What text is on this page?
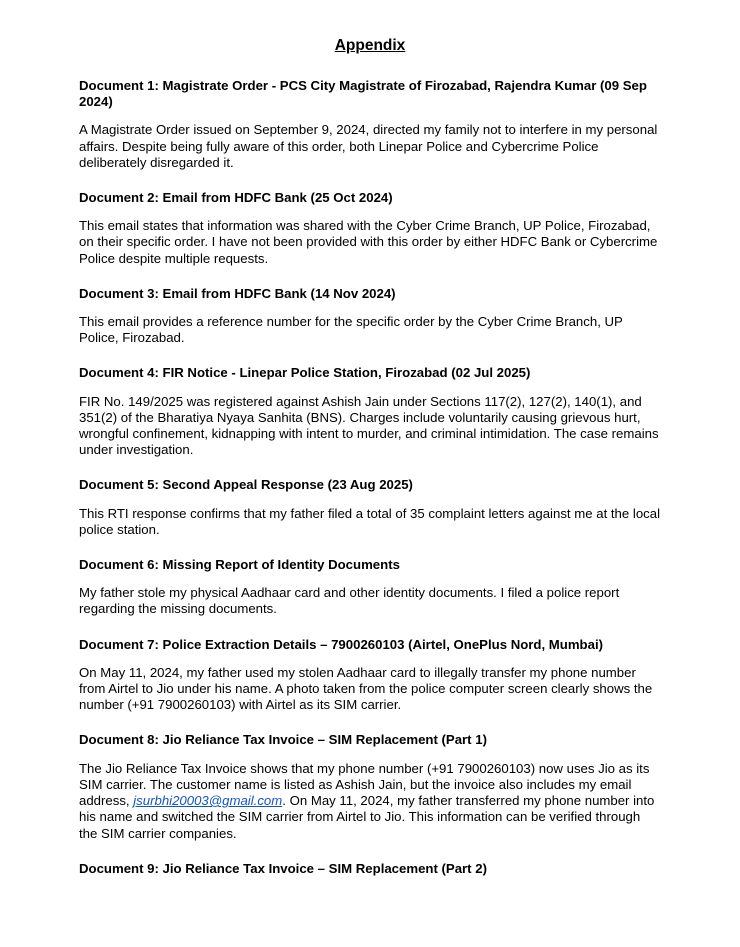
Appendix

Document 1: Magistrate Order - PCS City Magistrate of Firozabad, Rajendra Kumar (09 Sep 2024)

A Magistrate Order issued on September 9, 2024, directed my family not to interfere in my personal affairs. Despite being fully aware of this order, both Linepar Police and Cybercrime Police deliberately disregarded it.

Document 2: Email from HDFC Bank (25 Oct 2024)

This email states that information was shared with the Cyber Crime Branch, UP Police, Firozabad, on their specific order. I have not been provided with this order by either HDFC Bank or Cybercrime Police despite multiple requests.

Document 3: Email from HDFC Bank (14 Nov 2024)

This email provides a reference number for the specific order by the Cyber Crime Branch, UP Police, Firozabad.

Document 4: FIR Notice - Linepar Police Station, Firozabad (02 Jul 2025)

FIR No. 149/2025 was registered against Ashish Jain under Sections 117(2), 127(2), 140(1), and 351(2) of the Bharatiya Nyaya Sanhita (BNS). Charges include voluntarily causing grievous hurt, wrongful confinement, kidnapping with intent to murder, and criminal intimidation. The case remains under investigation.

Document 5: Second Appeal Response (23 Aug 2025)

This RTI response confirms that my father filed a total of 35 complaint letters against me at the local police station.

Document 6: Missing Report of Identity Documents

My father stole my physical Aadhaar card and other identity documents. I filed a police report regarding the missing documents.

Document 7: Police Extraction Details – 7900260103 (Airtel, OnePlus Nord, Mumbai)

On May 11, 2024, my father used my stolen Aadhaar card to illegally transfer my phone number from Airtel to Jio under his name. A photo taken from the police computer screen clearly shows the number (+91 7900260103) with Airtel as its SIM carrier.

Document 8: Jio Reliance Tax Invoice – SIM Replacement (Part 1)

The Jio Reliance Tax Invoice shows that my phone number (+91 7900260103) now uses Jio as its SIM carrier. The customer name is listed as Ashish Jain, but the invoice also includes my email address, jsurbhi20003@gmail.com. On May 11, 2024, my father transferred my phone number into his name and switched the SIM carrier from Airtel to Jio. This information can be verified through the SIM carrier companies.

Document 9: Jio Reliance Tax Invoice – SIM Replacement (Part 2)
